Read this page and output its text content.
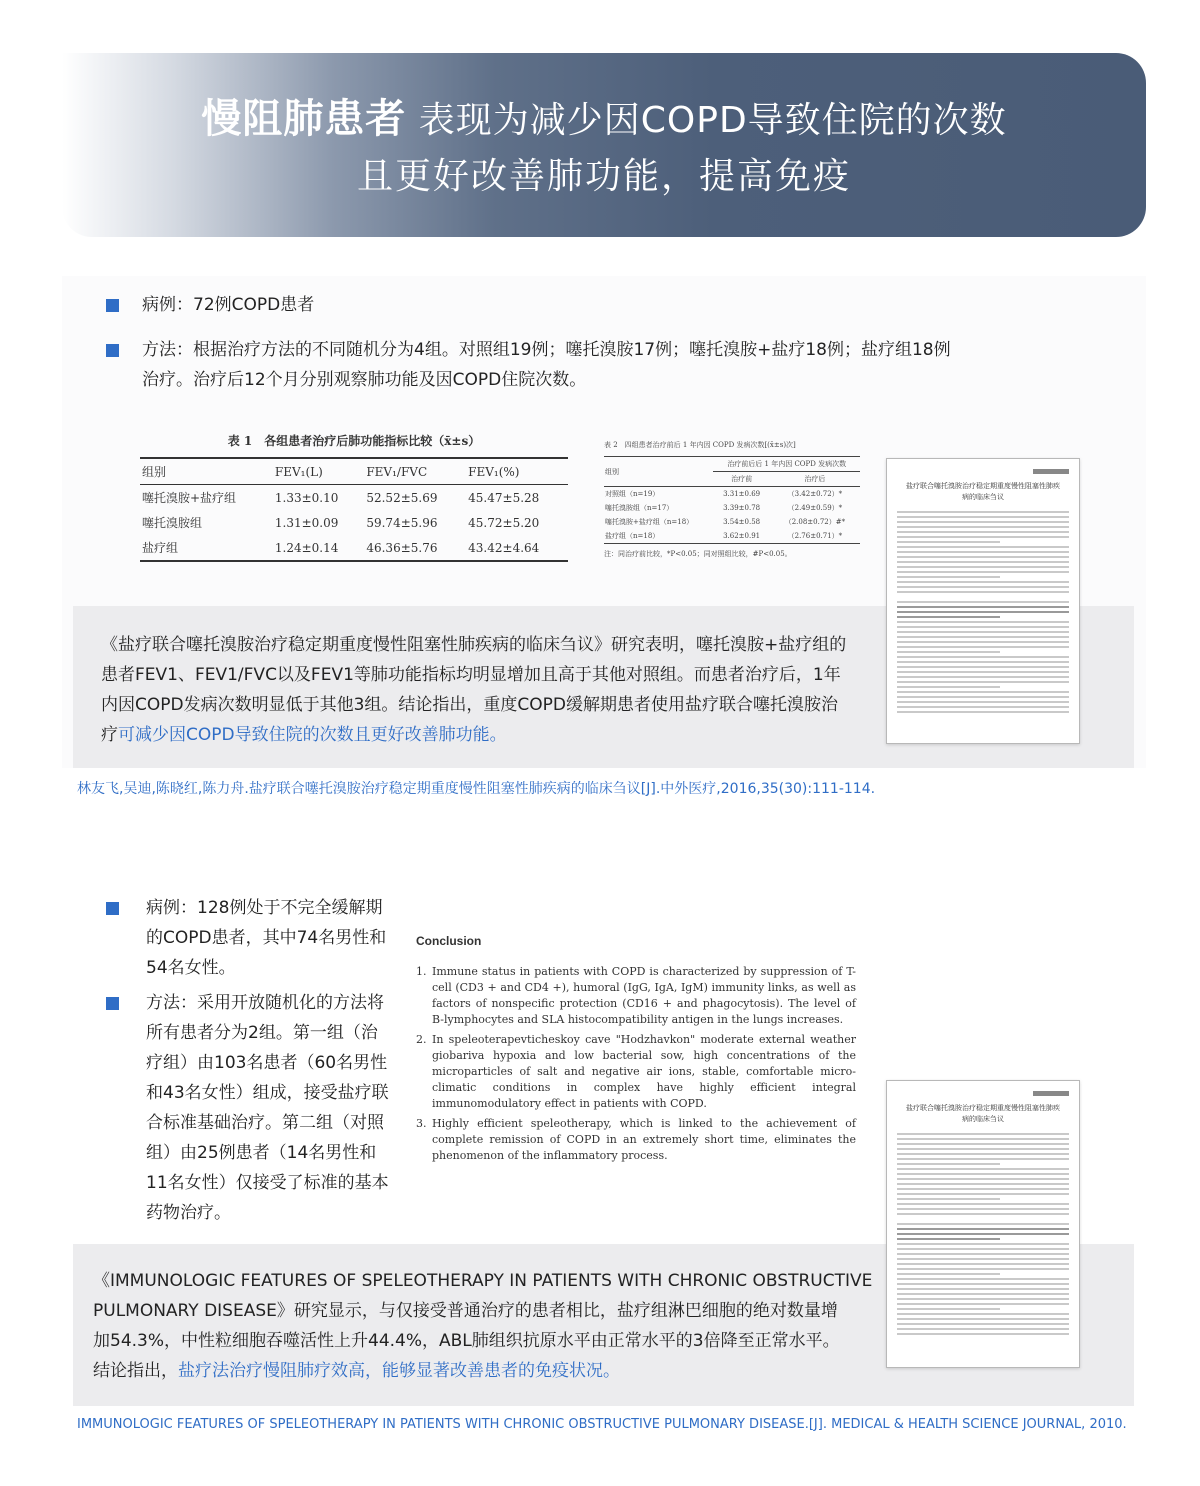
慢阻肺患者 表现为减少因COPD导致住院的次数
且更好改善肺功能，提高免疫
病例：72例COPD患者
方法：根据治疗方法的不同随机分为4组。对照组19例；噻托溴胺17例；噻托溴胺+盐疗18例；盐疗组18例
治疗。治疗后12个月分别观察肺功能及因COPD住院次数。
表 1　各组患者治疗后肺功能指标比较（x̄±s）
组别	FEV₁(L)	FEV₁/FVC	FEV₁(%)
噻托溴胺+盐疗组	1.33±0.10	52.52±5.69	45.47±5.28
噻托溴胺组	1.31±0.09	59.74±5.96	45.72±5.20
盐疗组	1.24±0.14	46.36±5.76	43.42±4.64
表 2　四组患者治疗前后 1 年内因 COPD 发病次数[(x̄±s)次]
组别	治疗前后后 1 年内因 COPD 发病次数	
	治疗前	治疗后
对照组（n=19）	3.31±0.69	（3.42±0.72）*
噻托溴胺组（n=17）	3.39±0.78	（2.49±0.59）*
噻托溴胺+盐疗组（n=18）	3.54±0.58	（2.08±0.72）#*
盐疗组（n=18）	3.62±0.91	（2.76±0.71）*
注：同治疗前比较，*P<0.05；同对照组比较，#P<0.05。
《盐疗联合噻托溴胺治疗稳定期重度慢性阻塞性肺疾病的临床刍议》研究表明，噻托溴胺+盐疗组的患者FEV1、FEV1/FVC以及FEV1等肺功能指标均明显增加且高于其他对照组。而患者治疗后，1年内因COPD发病次数明显低于其他3组。结论指出，重度COPD缓解期患者使用盐疗联合噻托溴胺治疗可减少因COPD导致住院的次数且更好改善肺功能。
盐疗联合噻托溴胺治疗稳定期重度慢性阻塞性肺疾病的临床刍议
林友飞,吴迪,陈晓红,陈力舟.盐疗联合噻托溴胺治疗稳定期重度慢性阻塞性肺疾病的临床刍议[J].中外医疗,2016,35(30):111-114.
病例：128例处于不完全缓解期
的COPD患者，其中74名男性和
54名女性。
方法：采用开放随机化的方法将
所有患者分为2组。第一组（治
疗组）由103名患者（60名男性
和43名女性）组成，接受盐疗联
合标准基础治疗。第二组（对照
组）由25例患者（14名男性和
11名女性）仅接受了标准的基本
药物治疗。
Conclusion
1. Immune status in patients with COPD is characterized by suppression of T-cell (CD3 + and CD4 +), humoral (IgG, IgA, IgM) immunity links, as well as factors of nonspecific protection (CD16 + and phagocytosis). The level of B-lymphocytes and SLA histocompatibility antigen in the lungs increases.
2. In speleoterapevticheskoy cave "Hodzhavkon" moderate external weather giobariva hypoxia and low bacterial sow, high concentrations of the microparticles of salt and negative air ions, stable, comfortable micro-climatic conditions in complex have highly efficient integral immunomodulatory effect in patients with COPD.
3. Highly efficient speleotherapy, which is linked to the achievement of complete remission of COPD in an extremely short time, eliminates the phenomenon of the inflammatory process.
《IMMUNOLOGIC FEATURES OF SPELEOTHERAPY IN PATIENTS WITH CHRONIC OBSTRUCTIVE
PULMONARY DISEASE》研究显示，与仅接受普通治疗的患者相比，盐疗组淋巴细胞的绝对数量增
加54.3%，中性粒细胞吞噬活性上升44.4%，ABL肺组织抗原水平由正常水平的3倍降至正常水平。
结论指出，盐疗法治疗慢阻肺疗效高，能够显著改善患者的免疫状况。
盐疗联合噻托溴胺治疗稳定期重度慢性阻塞性肺疾病的临床刍议
IMMUNOLOGIC FEATURES OF SPELEOTHERAPY IN PATIENTS WITH CHRONIC OBSTRUCTIVE PULMONARY DISEASE.[J]. MEDICAL & HEALTH SCIENCE JOURNAL, 2010.
